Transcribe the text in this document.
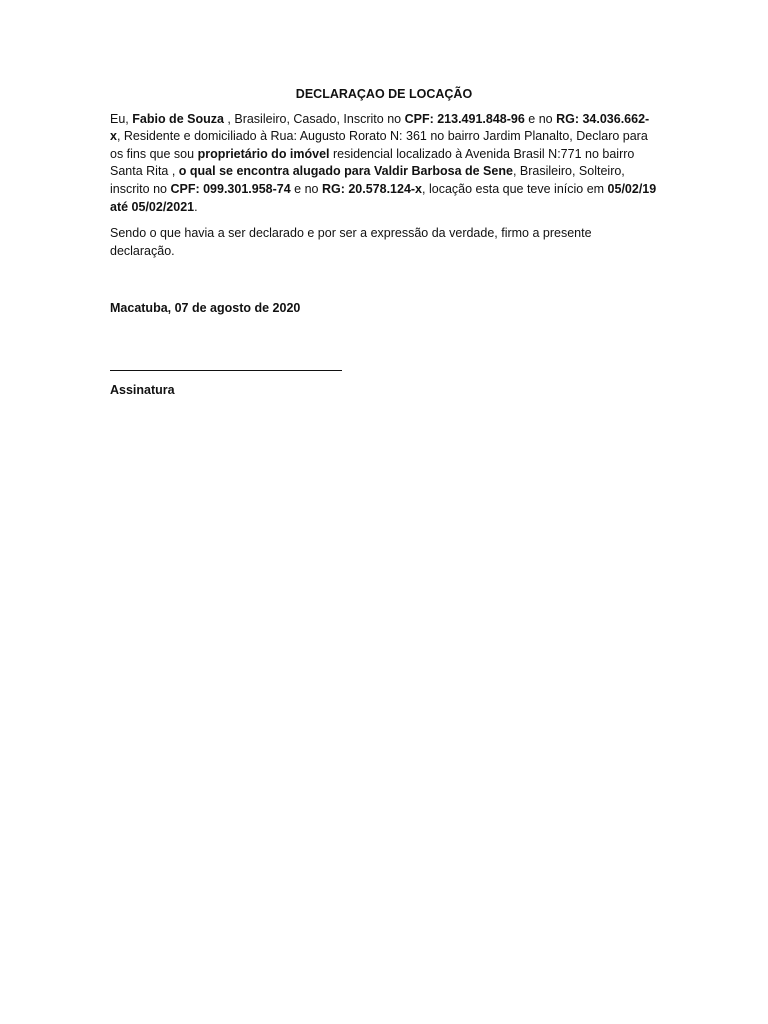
DECLARAÇAO DE LOCAÇÃO
Eu, Fabio de Souza , Brasileiro, Casado, Inscrito no CPF: 213.491.848-96 e no RG: 34.036.662-x, Residente e domiciliado à Rua: Augusto Rorato N: 361 no bairro Jardim Planalto, Declaro para os fins que sou proprietário do imóvel residencial localizado à Avenida Brasil N:771 no bairro Santa Rita , o qual se encontra alugado para Valdir Barbosa de Sene, Brasileiro, Solteiro, inscrito no CPF: 099.301.958-74 e no RG: 20.578.124-x, locação esta que teve início em 05/02/19 até 05/02/2021.
Sendo o que havia a ser declarado e por ser a expressão da verdade, firmo a presente declaração.
Macatuba, 07 de agosto de 2020
Assinatura
